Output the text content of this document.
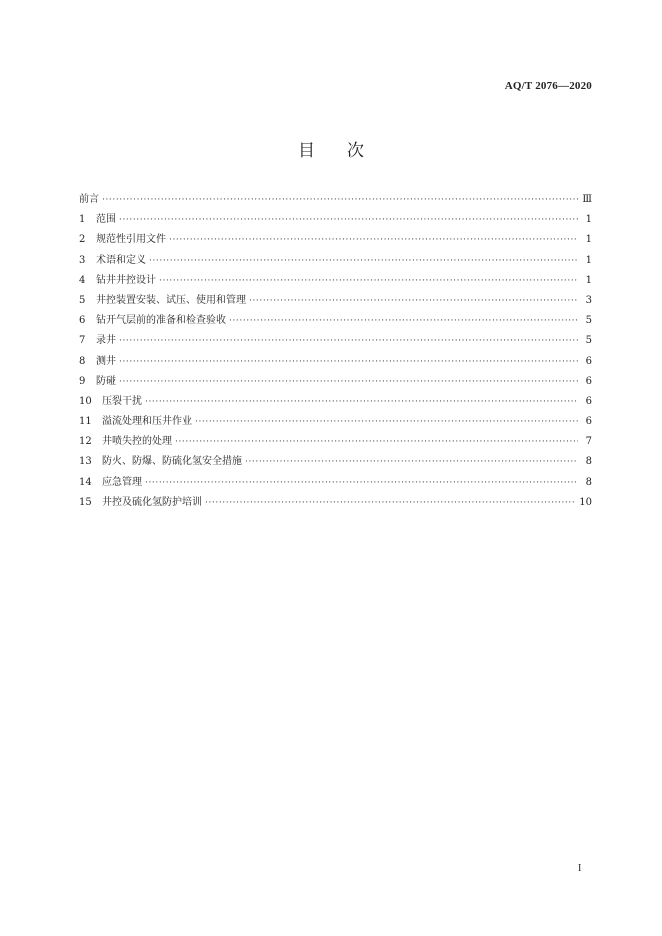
AQ/T 2076—2020
目次
前言 ·····	Ⅲ
1	范围 ·····	1
2	规范性引用文件 ·····	1
3	术语和定义 ·····	1
4	钻井井控设计 ·····	1
5	井控装置安装、试压、使用和管理 ·····	3
6	钻开气层前的准备和检查验收 ·····	5
7	录井 ·····	5
8	测井 ·····	6
9	防碰 ·····	6
10	压裂干扰 ·····	6
11	溢流处理和压井作业 ·····	6
12	井喷失控的处理 ·····	7
13	防火、防爆、防硫化氢安全措施 ·····	8
14	应急管理 ·····	8
15	井控及硫化氢防护培训 ·····	10
I
